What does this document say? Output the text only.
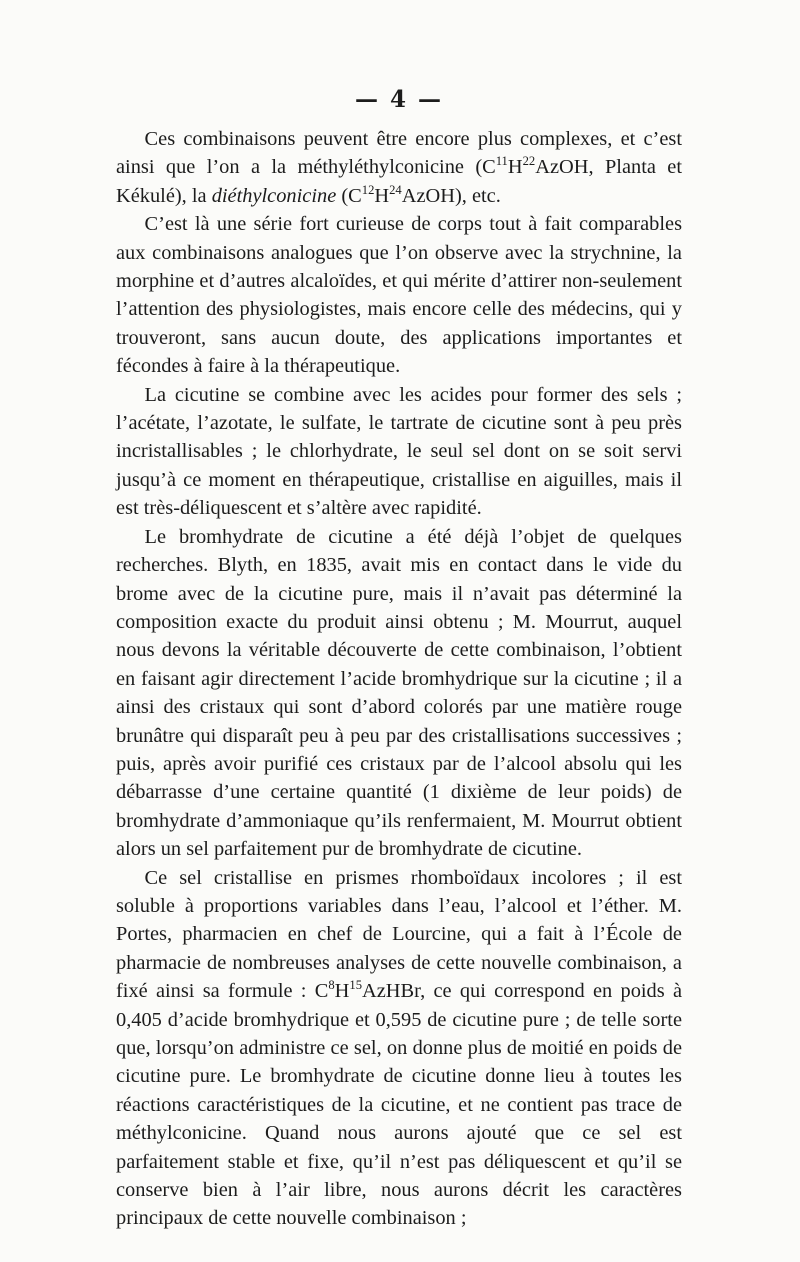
— 4 —

Ces combinaisons peuvent être encore plus complexes, et c’est ainsi que l’on a la méthyléthylconicine ($C^{11}H^{22}AzOH$, Planta et Kékulé), la diéthylconicine $(C^{12}H^{24}AzOH)$, etc.

C’est là une série fort curieuse de corps tout à fait comparables aux combinaisons analogues que l’on observe avec la strychnine, la morphine et d’autres alcaloïdes, et qui mérite d’attirer non-seulement l’attention des physiologistes, mais encore celle des médecins, qui y trouveront, sans aucun doute, des applications importantes et fécondes à faire à la thérapeutique.

La cicutine se combine avec les acides pour former des sels ; l’acétate, l’azotate, le sulfate, le tartrate de cicutine sont à peu près incristallisables ; le chlorhydrate, le seul sel dont on se soit servi jusqu’à ce moment en thérapeutique, cristallise en aiguilles, mais il est très-déliquescent et s’altère avec rapidité.

Le bromhydrate de cicutine a été déjà l’objet de quelques recherches. Blyth, en 1835, avait mis en contact dans le vide du brome avec de la cicutine pure, mais il n’avait pas déterminé la composition exacte du produit ainsi obtenu ; M. Mourrut, auquel nous devons la véritable découverte de cette combinaison, l’obtient en faisant agir directement l’acide bromhydrique sur la cicutine ; il a ainsi des cristaux qui sont d’abord colorés par une matière rouge brunâtre qui disparaît peu à peu par des cristallisations successives ; puis, après avoir purifié ces cristaux par de l’alcool absolu qui les débarrasse d’une certaine quantité (1 dixième de leur poids) de bromhydrate d’ammoniaque qu’ils renfermaient, M. Mourrut obtient alors un sel parfaitement pur de bromhydrate de cicutine.

Ce sel cristallise en prismes rhomboïdaux incolores ; il est soluble à proportions variables dans l’eau, l’alcool et l’éther. M. Portes, pharmacien en chef de Lourcine, qui a fait à l’École de pharmacie de nombreuses analyses de cette nouvelle combinaison, a fixé ainsi sa formule : $C^8H^{15}AzHBr$, ce qui correspond en poids à 0,405 d’acide bromhydrique et 0,595 de cicutine pure ; de telle sorte que, lorsqu’on administre ce sel, on donne plus de moitié en poids de cicutine pure. Le bromhydrate de cicutine donne lieu à toutes les réactions caractéristiques de la cicutine, et ne contient pas trace de méthylconicine. Quand nous aurons ajouté que ce sel est parfaitement stable et fixe, qu’il n’est pas déliquescent et qu’il se conserve bien à l’air libre, nous aurons décrit les caractères principaux de cette nouvelle combinaison ;
